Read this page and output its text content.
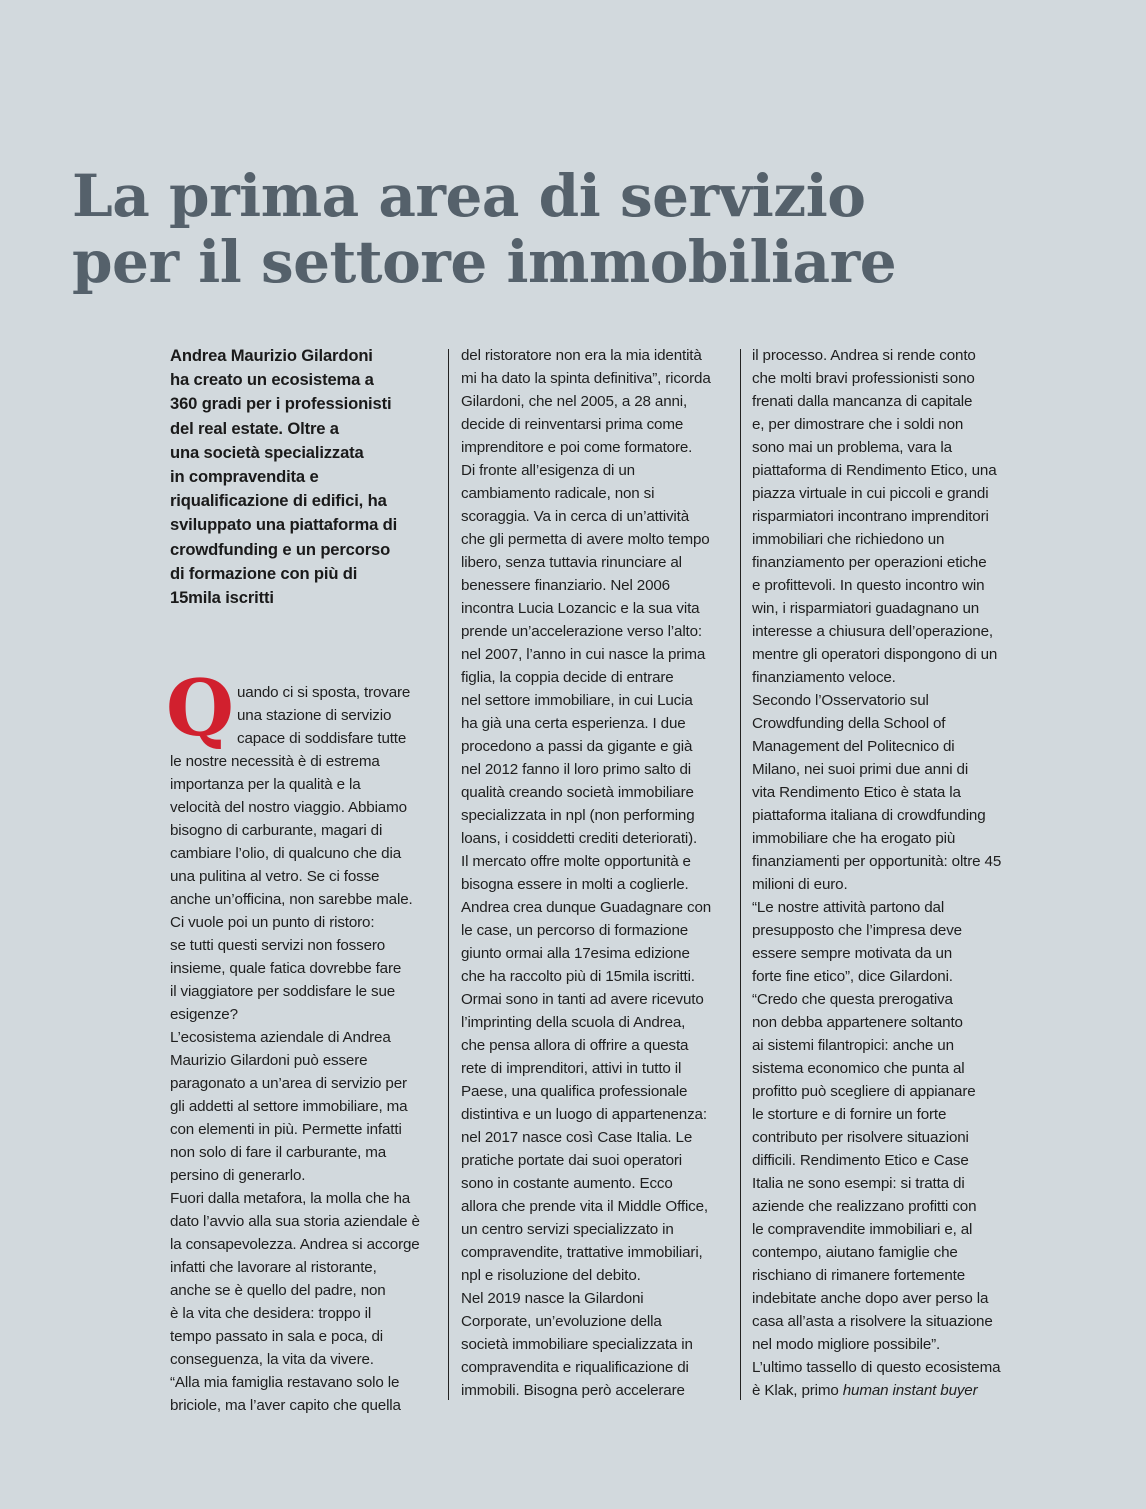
La prima area di servizio
per il settore immobiliare

Andrea Maurizio Gilardoni

ha creato un ecosistema a

360 gradi per i professionisti

del real estate. Oltre a

una società specializzata

in compravendita e

riqualificazione di edifici, ha

sviluppato una piattaforma di

crowdfunding e un percorso

di formazione con più di

15mila iscritti

Q uando ci si sposta, trovare

una stazione di servizio

capace di soddisfare tutte

le nostre necessità è di estrema

importanza per la qualità e la

velocità del nostro viaggio. Abbiamo

bisogno di carburante, magari di

cambiare l’olio, di qualcuno che dia

una pulitina al vetro. Se ci fosse

anche un’officina, non sarebbe male.

Ci vuole poi un punto di ristoro:

se tutti questi servizi non fossero

insieme, quale fatica dovrebbe fare

il viaggiatore per soddisfare le sue

esigenze?

L’ecosistema aziendale di Andrea

Maurizio Gilardoni può essere

paragonato a un’area di servizio per

gli addetti al settore immobiliare, ma

con elementi in più. Permette infatti

non solo di fare il carburante, ma

persino di generarlo.

Fuori dalla metafora, la molla che ha

dato l’avvio alla sua storia aziendale è

la consapevolezza. Andrea si accorge

infatti che lavorare al ristorante,

anche se è quello del padre, non

è la vita che desidera: troppo il

tempo passato in sala e poca, di

conseguenza, la vita da vivere.

“Alla mia famiglia restavano solo le

briciole, ma l’aver capito che quella

del ristoratore non era la mia identità

mi ha dato la spinta definitiva”, ricorda

Gilardoni, che nel 2005, a 28 anni,

decide di reinventarsi prima come

imprenditore e poi come formatore.

Di fronte all’esigenza di un

cambiamento radicale, non si

scoraggia. Va in cerca di un’attività

che gli permetta di avere molto tempo

libero, senza tuttavia rinunciare al

benessere finanziario. Nel 2006

incontra Lucia Lozancic e la sua vita

prende un’accelerazione verso l’alto:

nel 2007, l’anno in cui nasce la prima

figlia, la coppia decide di entrare

nel settore immobiliare, in cui Lucia

ha già una certa esperienza. I due

procedono a passi da gigante e già

nel 2012 fanno il loro primo salto di

qualità creando società immobiliare

specializzata in npl (non performing

loans, i cosiddetti crediti deteriorati).

Il mercato offre molte opportunità e

bisogna essere in molti a coglierle.

Andrea crea dunque Guadagnare con

le case, un percorso di formazione

giunto ormai alla 17esima edizione

che ha raccolto più di 15mila iscritti.

Ormai sono in tanti ad avere ricevuto

l’imprinting della scuola di Andrea,

che pensa allora di offrire a questa

rete di imprenditori, attivi in tutto il

Paese, una qualifica professionale

distintiva e un luogo di appartenenza:

nel 2017 nasce così Case Italia. Le

pratiche portate dai suoi operatori

sono in costante aumento. Ecco

allora che prende vita il Middle Office,

un centro servizi specializzato in

compravendite, trattative immobiliari,

npl e risoluzione del debito.

Nel 2019 nasce la Gilardoni

Corporate, un’evoluzione della

società immobiliare specializzata in

compravendita e riqualificazione di

immobili. Bisogna però accelerare

il processo. Andrea si rende conto

che molti bravi professionisti sono

frenati dalla mancanza di capitale

e, per dimostrare che i soldi non

sono mai un problema, vara la

piattaforma di Rendimento Etico, una

piazza virtuale in cui piccoli e grandi

risparmiatori incontrano imprenditori

immobiliari che richiedono un

finanziamento per operazioni etiche

e profittevoli. In questo incontro win

win, i risparmiatori guadagnano un

interesse a chiusura dell’operazione,

mentre gli operatori dispongono di un

finanziamento veloce.

Secondo l’Osservatorio sul

Crowdfunding della School of

Management del Politecnico di

Milano, nei suoi primi due anni di

vita Rendimento Etico è stata la

piattaforma italiana di crowdfunding

immobiliare che ha erogato più

finanziamenti per opportunità: oltre 45

milioni di euro.

“Le nostre attività partono dal

presupposto che l’impresa deve

essere sempre motivata da un

forte fine etico”, dice Gilardoni.

“Credo che questa prerogativa

non debba appartenere soltanto

ai sistemi filantropici: anche un

sistema economico che punta al

profitto può scegliere di appianare

le storture e di fornire un forte

contributo per risolvere situazioni

difficili. Rendimento Etico e Case

Italia ne sono esempi: si tratta di

aziende che realizzano profitti con

le compravendite immobiliari e, al

contempo, aiutano famiglie che

rischiano di rimanere fortemente

indebitate anche dopo aver perso la

casa all’asta a risolvere la situazione

nel modo migliore possibile”.

L’ultimo tassello di questo ecosistema

è Klak, primo human instant buyer
